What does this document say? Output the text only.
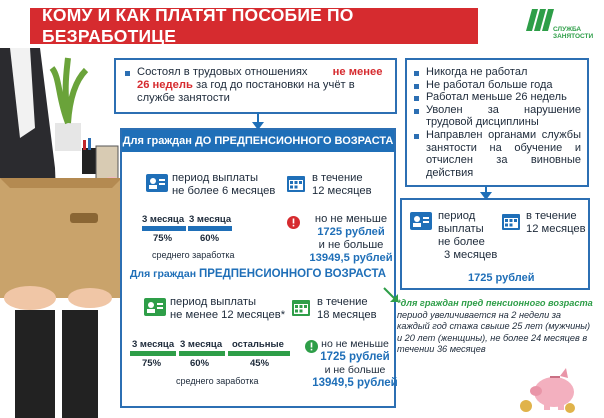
КОМУ И КАК ПЛАТЯТ ПОСОБИЕ ПО БЕЗРАБОТИЦЕ	СЛУЖБА
ЗАНЯТОСТИ
Состоял в трудовых отношениях не менее
26 недель за год до постановки на учёт в службе занятости
Никогда не работал
Не работал больше года
Работал меньше 26 недель
Уволен за нарушение трудовой дисциплины
Направлен органами службы занятости на обучение и отчислен за виновные действия
Для граждан
ДО ПРЕДПЕНСИОННОГО ВОЗРАСТА
период выплаты
не более 6 месяцев
в течение
12 месяцев
3 месяца 3 месяца
75%	60%
среднего заработка
но не меньше
1725 рублей
и не больше
13949,5 рублей
Для граждан ПРЕДПЕНСИОННОГО ВОЗРАСТА
период выплаты
не менее 12 месяцев*
в течение
18 месяцев
3 месяца 3 месяца остальные
75%	60%	45%
среднего заработка
но не меньше
1725 рублей
и не больше
13949,5 рублей
период
выплаты
не более
3 месяцев
в течение
12 месяцев
1725 рублей
*для граждан пред пенсионного возраста период увеличивается на 2 недели за каждый год стажа свыше 25 лет (мужчины) и 20 лет (женщины), не более 24 месяцев в течении 36 месяцев
